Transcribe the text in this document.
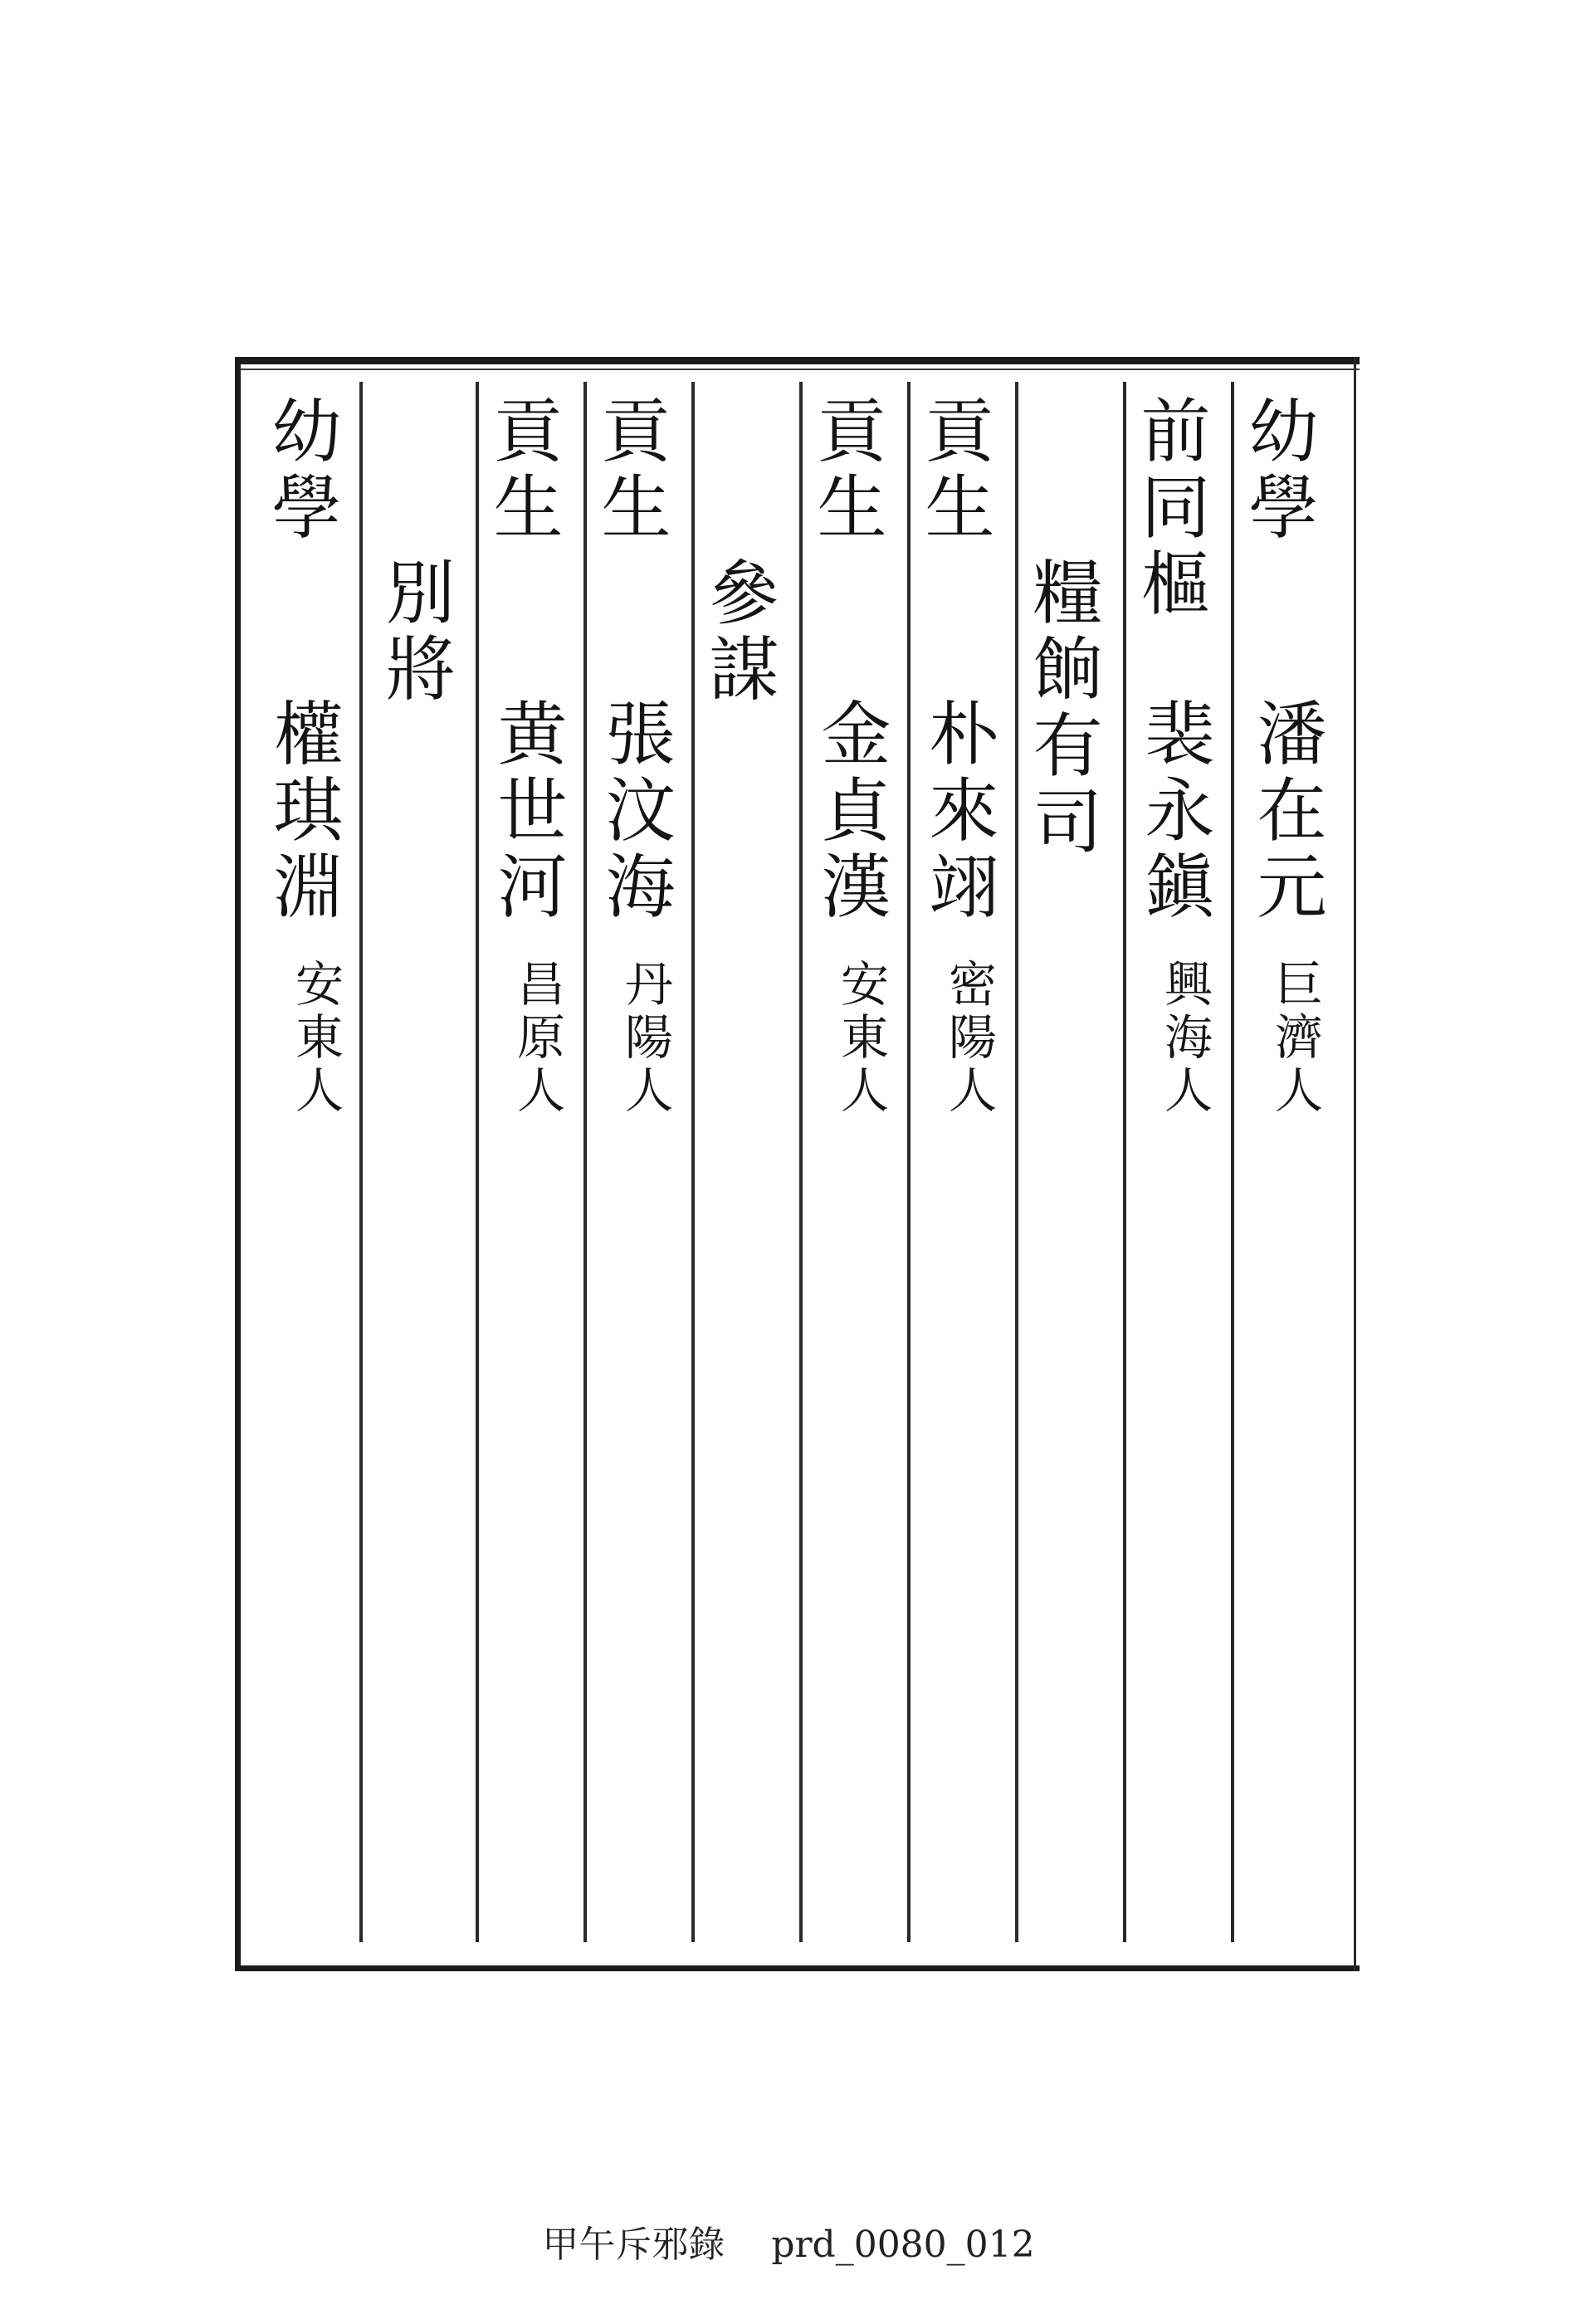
幼學
潘在元
巨濟人
前同樞
裴永鎭
興海人
糧餉有司
貢生
朴來翊
密陽人
貢生
金貞漢
安東人
參謀
貢生
張汶海
丹陽人
貢生
黄世河
昌原人
別將
幼學
權琪淵
安東人
甲午斥邪錄 prd_0080_012
